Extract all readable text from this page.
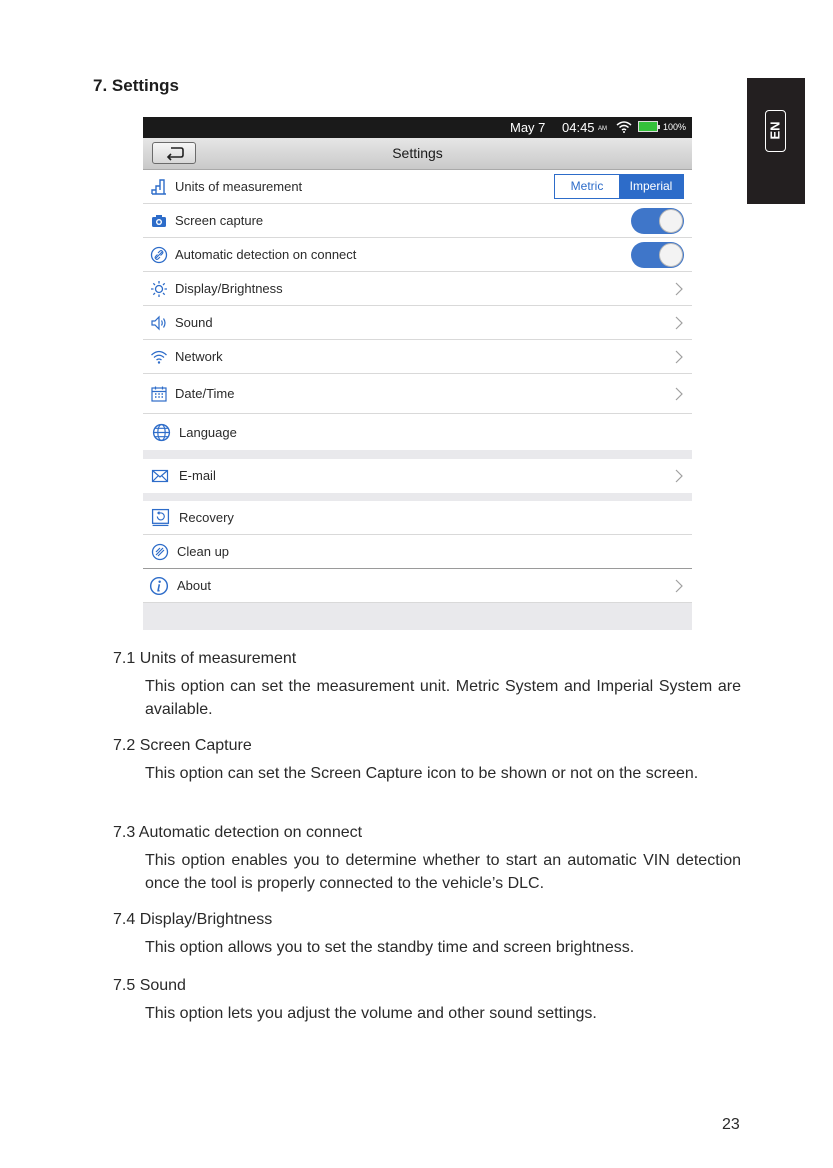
7. Settings
EN
May 7 04:45 AM	100%
Settings
Units of measurement	Metric	Imperial
Screen capture
Automatic detection on connect
Display/Brightness
Sound
Network
Date/Time
Language
E-mail
Recovery
Clean up
About
7.1 Units of measurement
This option can set the measurement unit. Metric System and Imperial System are available.
7.2 Screen Capture
This option can set the Screen Capture icon to be shown or not on the screen.
7.3 Automatic detection on connect
This option enables you to determine whether to start an automatic VIN detection once the tool is properly connected to the vehicle’s DLC.
7.4 Display/Brightness
This option allows you to set the standby time and screen brightness.
7.5 Sound
This option lets you adjust the volume and other sound settings.
23
